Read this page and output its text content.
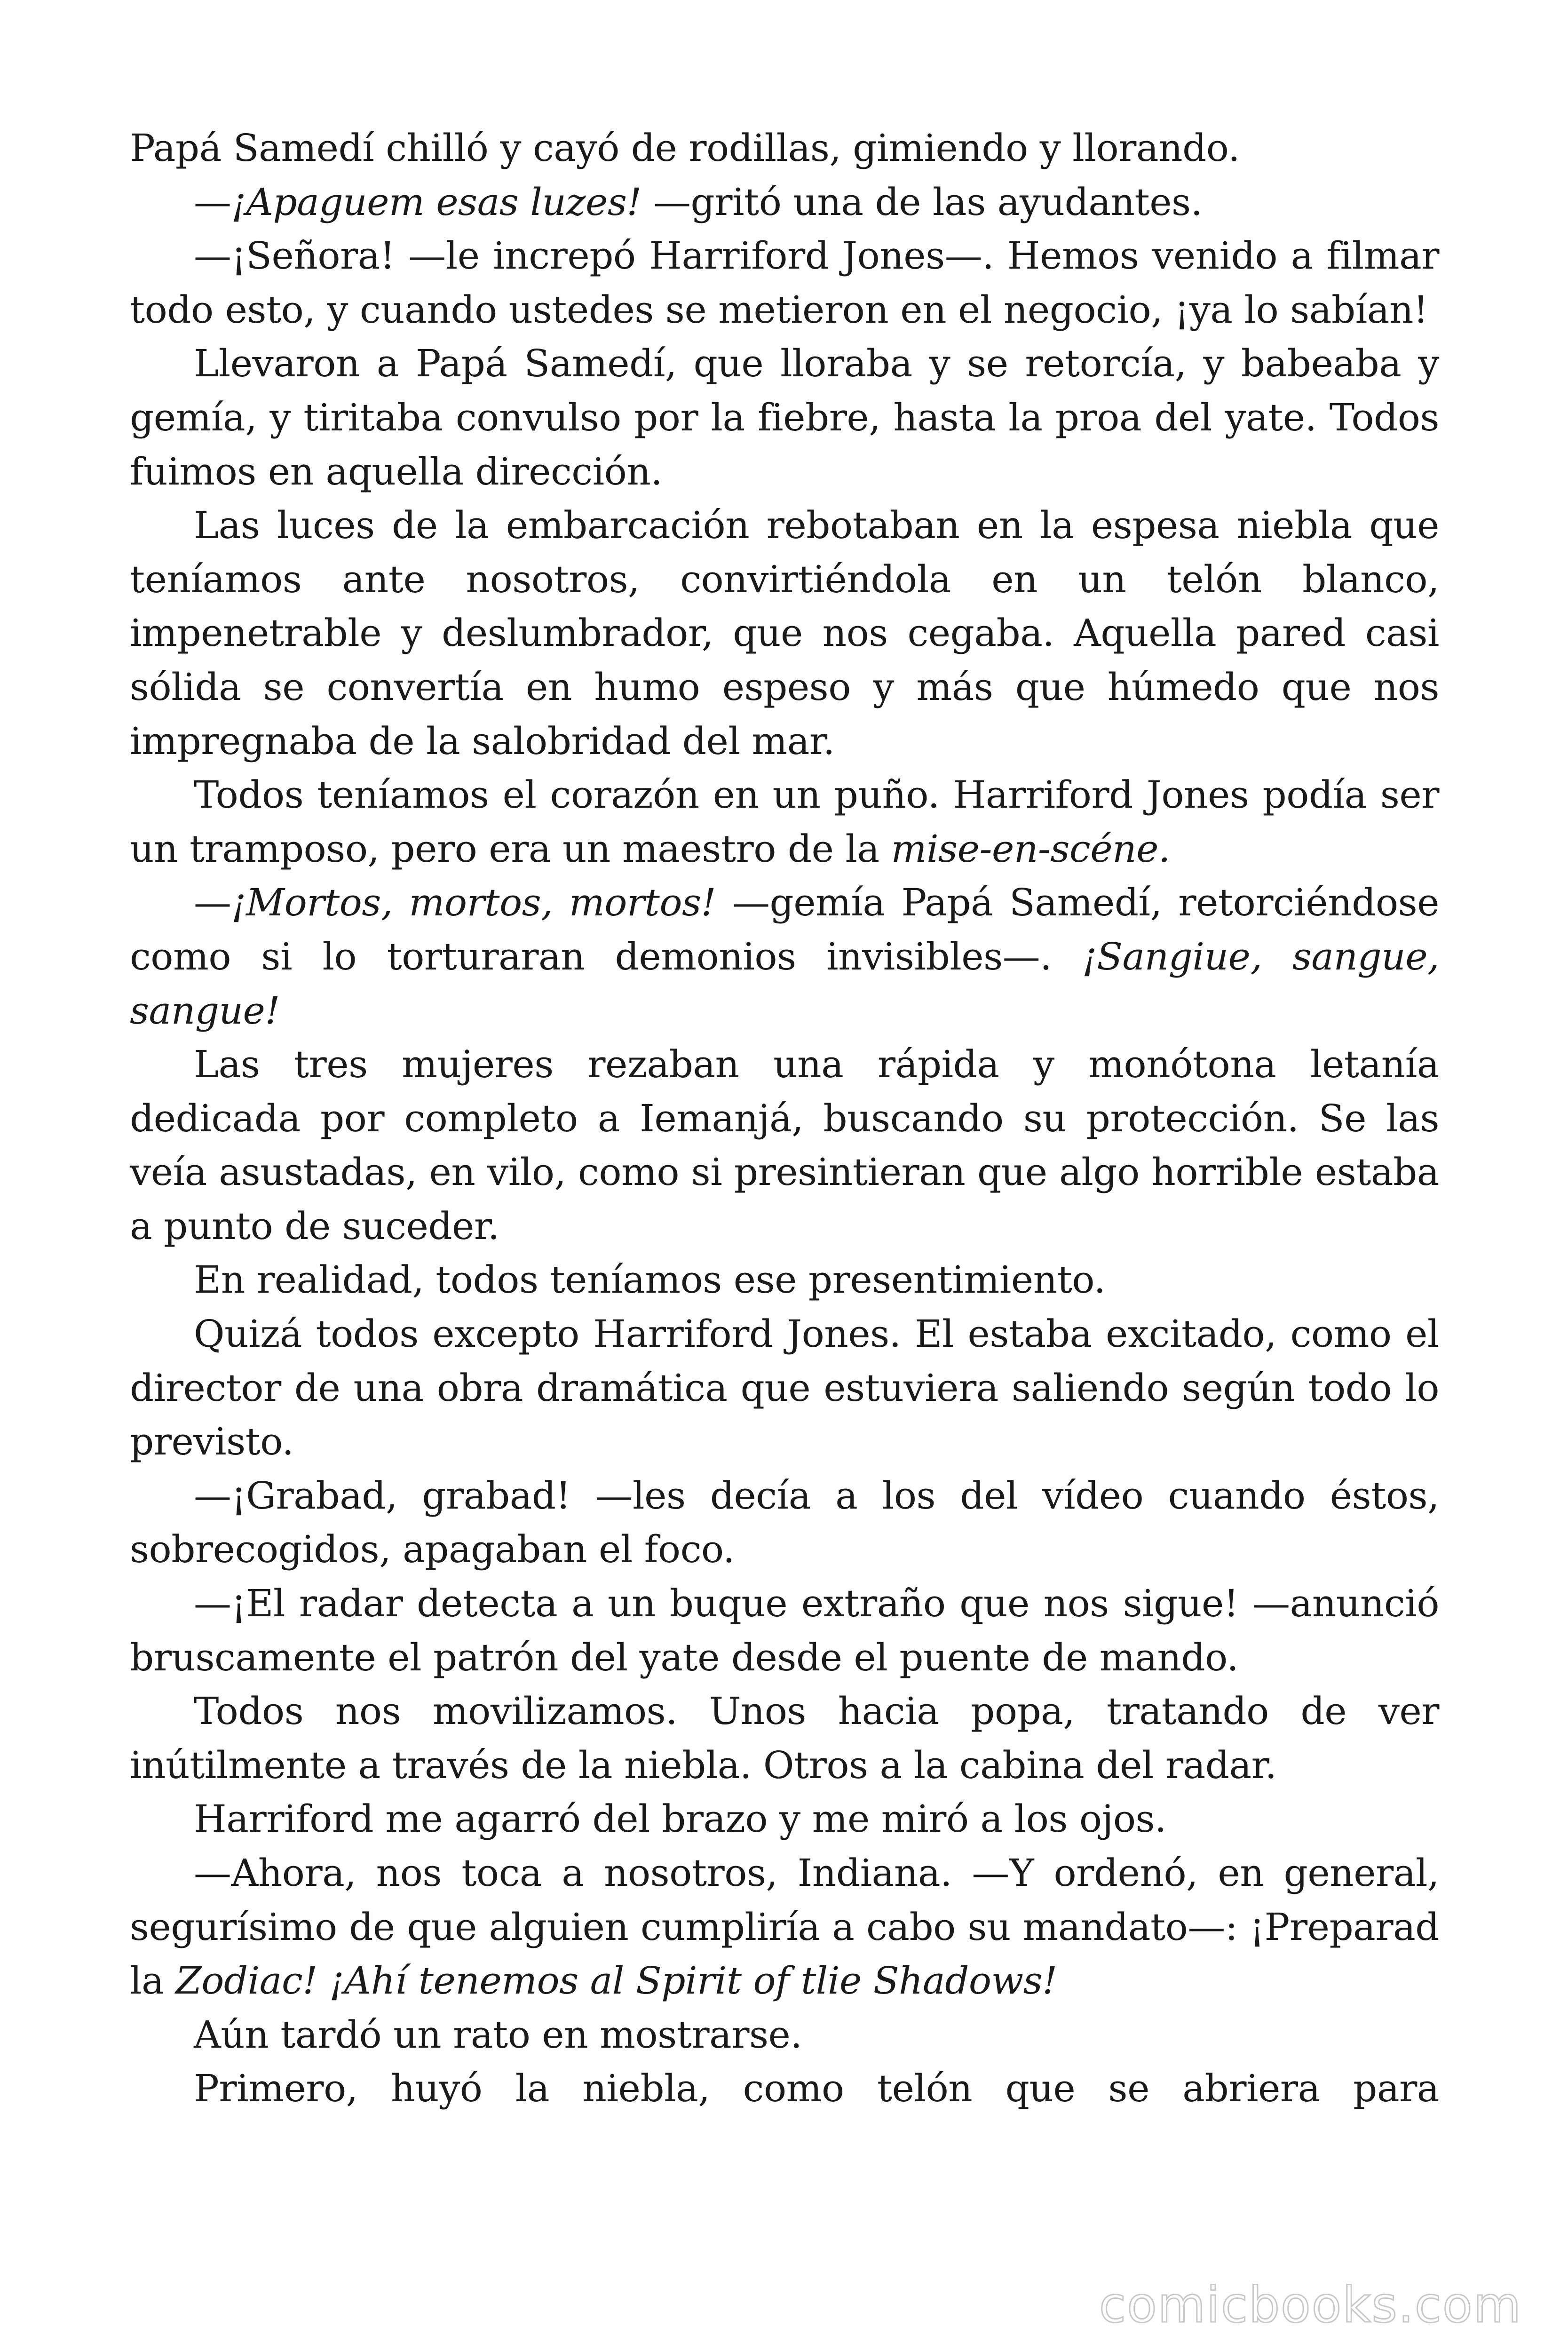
Papá Samedí chilló y cayó de rodillas, gimiendo y llorando.

—¡Apaguem esas luzes! —gritó una de las ayudantes.

—¡Señora! —le increpó Harriford Jones—. Hemos venido a filmar todo esto, y cuando ustedes se metieron en el negocio, ¡ya lo sabían!

Llevaron a Papá Samedí, que lloraba y se retorcía, y babeaba y gemía, y tiritaba convulso por la fiebre, hasta la proa del yate. Todos fuimos en aquella dirección.

Las luces de la embarcación rebotaban en la espesa niebla que teníamos ante nosotros, convirtiéndola en un telón blanco, impenetrable y deslumbrador, que nos cegaba. Aquella pared casi sólida se convertía en humo espeso y más que húmedo que nos impregnaba de la salobridad del mar.

Todos teníamos el corazón en un puño. Harriford Jones podía ser un tramposo, pero era un maestro de la mise-en-scéne.

—¡Mortos, mortos, mortos! —gemía Papá Samedí, retorciéndose como si lo torturaran demonios invisibles—. ¡Sangiue, sangue, sangue!

Las tres mujeres rezaban una rápida y monótona letanía dedicada por completo a Iemanjá, buscando su protección. Se las veía asustadas, en vilo, como si presintieran que algo horrible estaba a punto de suceder.

En realidad, todos teníamos ese presentimiento.

Quizá todos excepto Harriford Jones. El estaba excitado, como el director de una obra dramática que estuviera saliendo según todo lo previsto.

—¡Grabad, grabad! —les decía a los del vídeo cuando éstos, sobrecogidos, apagaban el foco.

—¡El radar detecta a un buque extraño que nos sigue! —anunció bruscamente el patrón del yate desde el puente de mando.

Todos nos movilizamos. Unos hacia popa, tratando de ver inútilmente a través de la niebla. Otros a la cabina del radar.

Harriford me agarró del brazo y me miró a los ojos.

—Ahora, nos toca a nosotros, Indiana. —Y ordenó, en general, segurísimo de que alguien cumpliría a cabo su mandato—: ¡Preparad la Zodiac! ¡Ahí tenemos al Spirit of tlie Shadows!

Aún tardó un rato en mostrarse.

Primero, huyó la niebla, como telón que se abriera para

comicbooks.com
